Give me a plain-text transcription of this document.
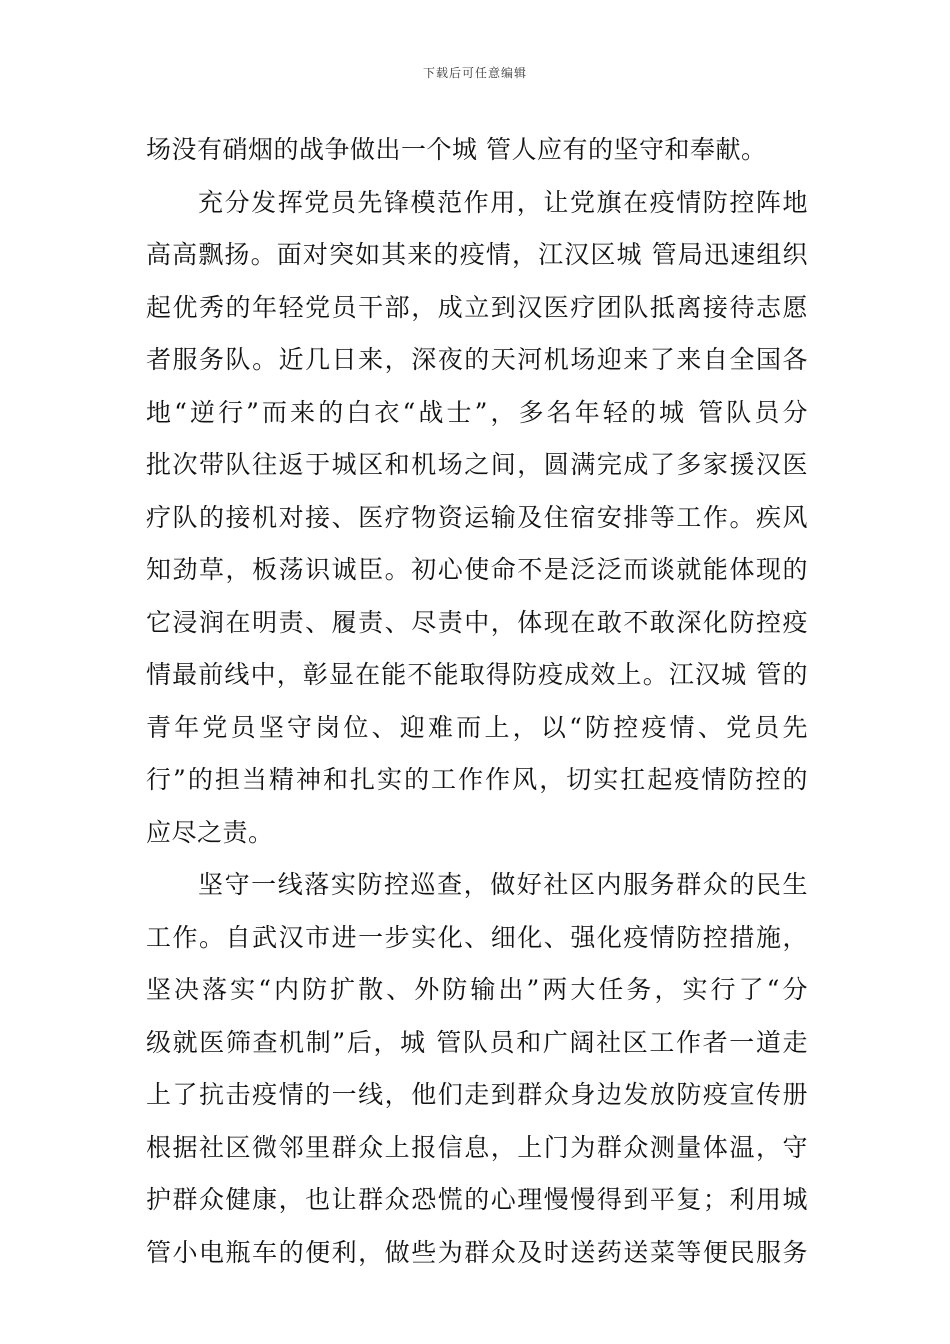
下载后可任意编辑
场没有硝烟的战争做出一个城 管人应有的坚守和奉献。
充分发挥党员先锋模范作用，让党旗在疫情防控阵地
高高飘扬。面对突如其来的疫情，江汉区城 管局迅速组织
起优秀的年轻党员干部，成立到汉医疗团队抵离接待志愿
者服务队。近几日来，深夜的天河机场迎来了来自全国各
地“逆行”而来的白衣“战士”，多名年轻的城 管队员分
批次带队往返于城区和机场之间，圆满完成了多家援汉医
疗队的接机对接、医疗物资运输及住宿安排等工作。疾风
知劲草，板荡识诚臣。初心使命不是泛泛而谈就能体现的
它浸润在明责、履责、尽责中，体现在敢不敢深化防控疫
情最前线中，彰显在能不能取得防疫成效上。江汉城 管的
青年党员坚守岗位、迎难而上，以“防控疫情、党员先
行”的担当精神和扎实的工作作风，切实扛起疫情防控的
应尽之责。
坚守一线落实防控巡查，做好社区内服务群众的民生
工作。自武汉市进一步实化、细化、强化疫情防控措施，
坚决落实“内防扩散、外防输出”两大任务，实行了“分
级就医筛查机制”后，城 管队员和广阔社区工作者一道走
上了抗击疫情的一线，他们走到群众身边发放防疫宣传册
根据社区微邻里群众上报信息，上门为群众测量体温，守
护群众健康，也让群众恐慌的心理慢慢得到平复；利用城
管小电瓶车的便利，做些为群众及时送药送菜等便民服务
